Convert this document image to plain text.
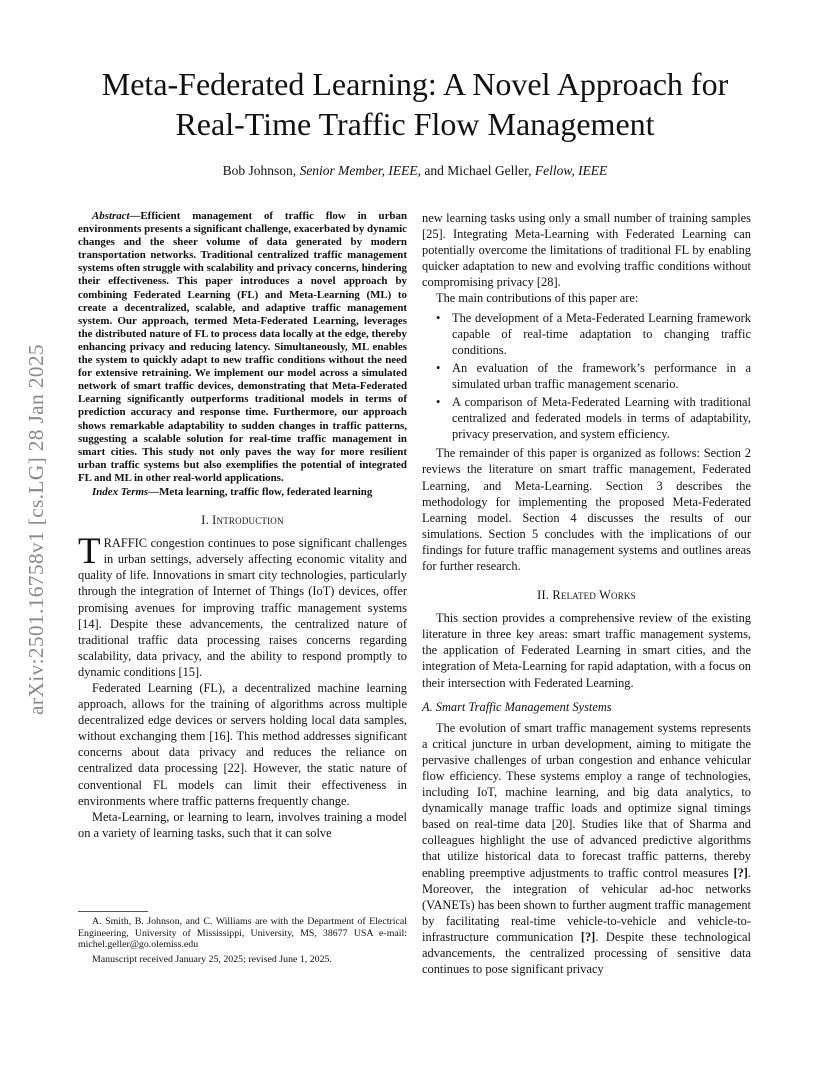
arXiv:2501.16758v1 [cs.LG] 28 Jan 2025
Meta-Federated Learning: A Novel Approach for
Real-Time Traffic Flow Management

Bob Johnson, Senior Member, IEEE, and Michael Geller, Fellow, IEEE

Abstract—Efficient management of traffic flow in urban environments presents a significant challenge, exacerbated by dynamic changes and the sheer volume of data generated by modern transportation networks. Traditional centralized traffic management systems often struggle with scalability and privacy concerns, hindering their effectiveness. This paper introduces a novel approach by combining Federated Learning (FL) and Meta-Learning (ML) to create a decentralized, scalable, and adaptive traffic management system. Our approach, termed Meta-Federated Learning, leverages the distributed nature of FL to process data locally at the edge, thereby enhancing privacy and reducing latency. Simultaneously, ML enables the system to quickly adapt to new traffic conditions without the need for extensive retraining. We implement our model across a simulated network of smart traffic devices, demonstrating that Meta-Federated Learning significantly outperforms traditional models in terms of prediction accuracy and response time. Furthermore, our approach shows remarkable adaptability to sudden changes in traffic patterns, suggesting a scalable solution for real-time traffic management in smart cities. This study not only paves the way for more resilient urban traffic systems but also exemplifies the potential of integrated FL and ML in other real-world applications.

Index Terms—Meta learning, traffic flow, federated learning

I. Introduction

TRAFFIC congestion continues to pose significant challenges in urban settings, adversely affecting economic vitality and quality of life. Innovations in smart city technologies, particularly through the integration of Internet of Things (IoT) devices, offer promising avenues for improving traffic management systems [14]. Despite these advancements, the centralized nature of traditional traffic data processing raises concerns regarding scalability, data privacy, and the ability to respond promptly to dynamic conditions [15].

Federated Learning (FL), a decentralized machine learning approach, allows for the training of algorithms across multiple decentralized edge devices or servers holding local data samples, without exchanging them [16]. This method addresses significant concerns about data privacy and reduces the reliance on centralized data processing [22]. However, the static nature of conventional FL models can limit their effectiveness in environments where traffic patterns frequently change.

Meta-Learning, or learning to learn, involves training a model on a variety of learning tasks, such that it can solve

A. Smith, B. Johnson, and C. Williams are with the Department of Electrical Engineering, University of Mississippi, University, MS, 38677 USA e-mail: michel.geller@go.olemiss.edu

Manuscript received January 25, 2025; revised June 1, 2025.

new learning tasks using only a small number of training samples [25]. Integrating Meta-Learning with Federated Learning can potentially overcome the limitations of traditional FL by enabling quicker adaptation to new and evolving traffic conditions without compromising privacy [28].

The main contributions of this paper are:

• The development of a Meta-Federated Learning framework capable of real-time adaptation to changing traffic conditions.
• An evaluation of the framework’s performance in a simulated urban traffic management scenario.
• A comparison of Meta-Federated Learning with traditional centralized and federated models in terms of adaptability, privacy preservation, and system efficiency.

The remainder of this paper is organized as follows: Section 2 reviews the literature on smart traffic management, Federated Learning, and Meta-Learning. Section 3 describes the methodology for implementing the proposed Meta-Federated Learning model. Section 4 discusses the results of our simulations. Section 5 concludes with the implications of our findings for future traffic management systems and outlines areas for further research.

II. Related Works

This section provides a comprehensive review of the existing literature in three key areas: smart traffic management systems, the application of Federated Learning in smart cities, and the integration of Meta-Learning for rapid adaptation, with a focus on their intersection with Federated Learning.

A. Smart Traffic Management Systems

The evolution of smart traffic management systems represents a critical juncture in urban development, aiming to mitigate the pervasive challenges of urban congestion and enhance vehicular flow efficiency. These systems employ a range of technologies, including IoT, machine learning, and big data analytics, to dynamically manage traffic loads and optimize signal timings based on real-time data [20]. Studies like that of Sharma and colleagues highlight the use of advanced predictive algorithms that utilize historical data to forecast traffic patterns, thereby enabling preemptive adjustments to traffic control measures [?]. Moreover, the integration of vehicular ad-hoc networks (VANETs) has been shown to further augment traffic management by facilitating real-time vehicle-to-vehicle and vehicle-to-infrastructure communication [?]. Despite these technological advancements, the centralized processing of sensitive data continues to pose significant privacy
